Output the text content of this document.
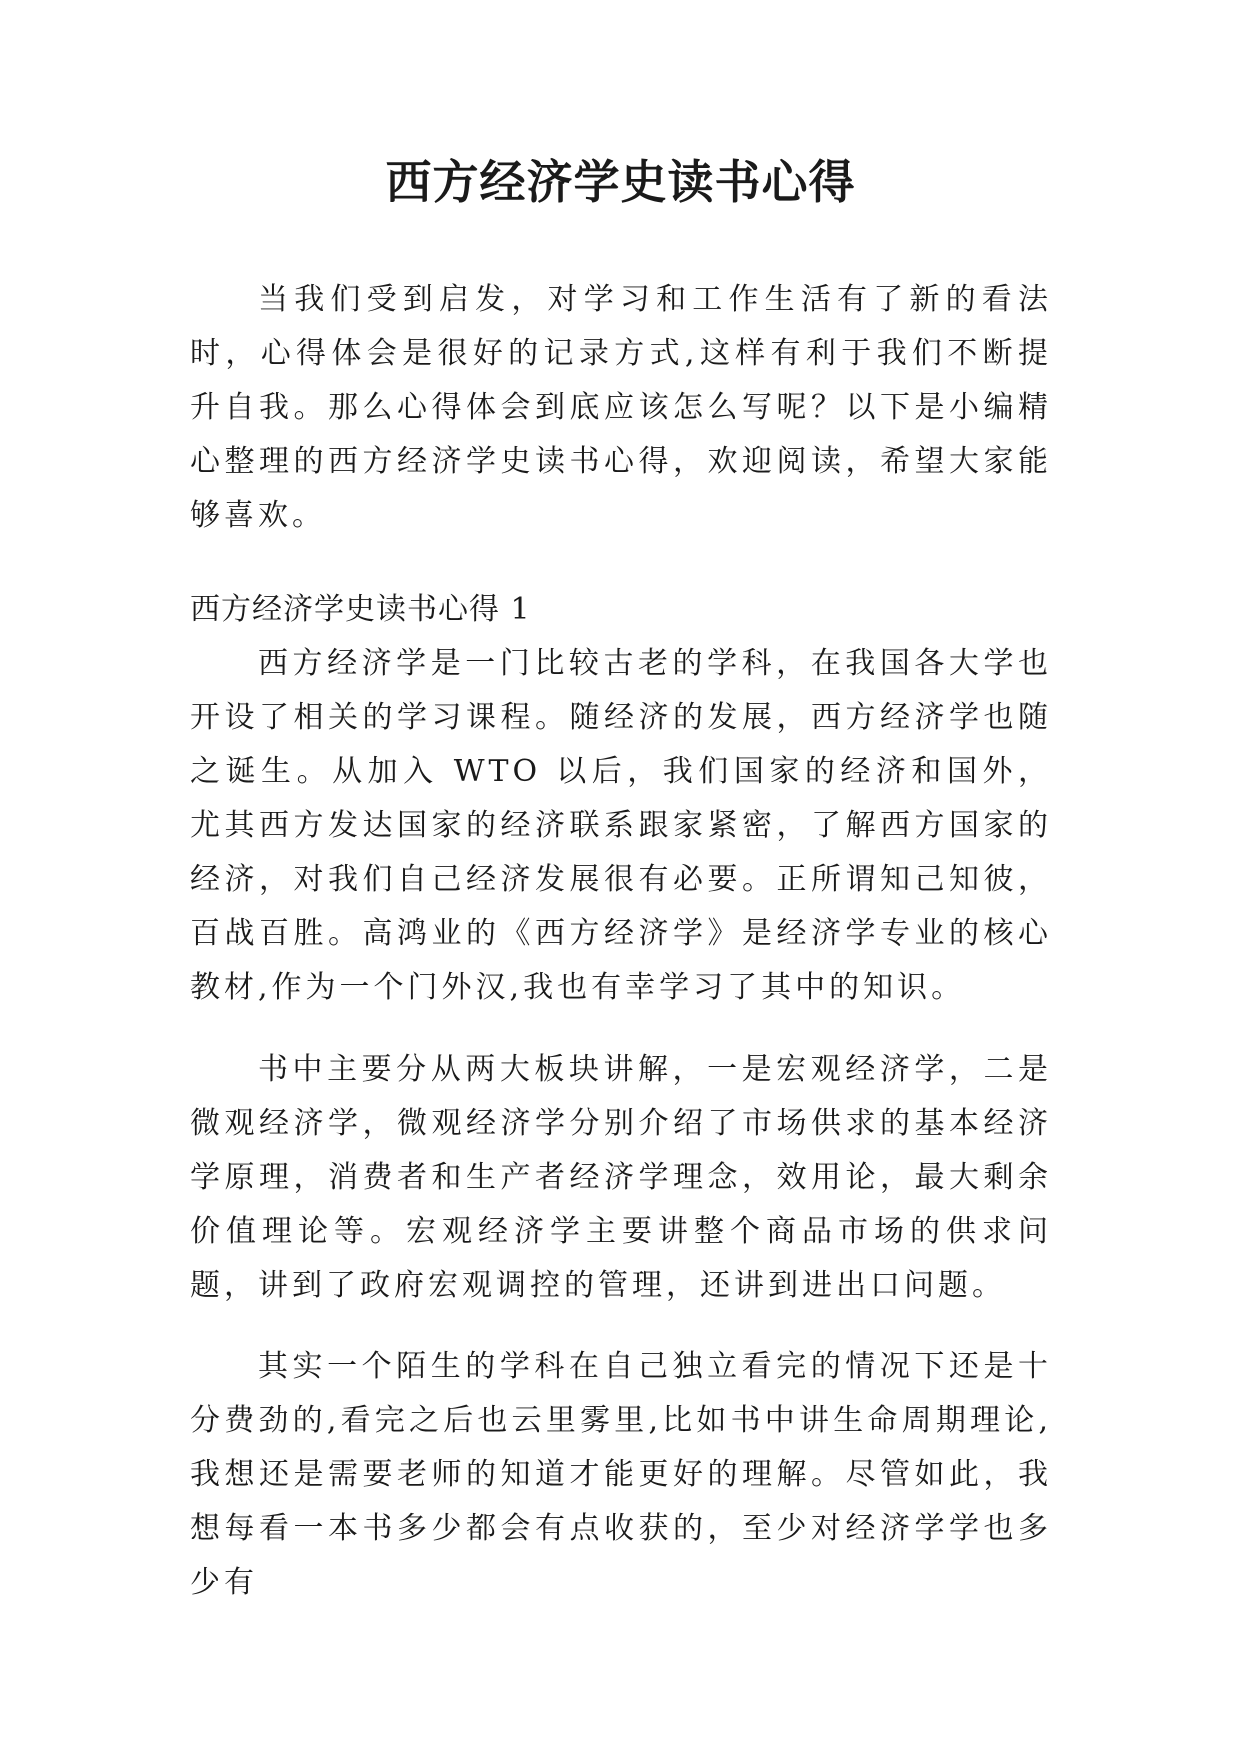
西方经济学史读书心得

当我们受到启发，对学习和工作生活有了新的看法时，心得体会是很好的记录方式,这样有利于我们不断提升自我。那么心得体会到底应该怎么写呢？以下是小编精心整理的西方经济学史读书心得，欢迎阅读，希望大家能够喜欢。

西方经济学史读书心得 1

西方经济学是一门比较古老的学科，在我国各大学也开设了相关的学习课程。随经济的发展，西方经济学也随之诞生。从加入 WTO 以后，我们国家的经济和国外，尤其西方发达国家的经济联系跟家紧密，了解西方国家的经济，对我们自己经济发展很有必要。正所谓知己知彼，百战百胜。高鸿业的《西方经济学》是经济学专业的核心教材,作为一个门外汉,我也有幸学习了其中的知识。

书中主要分从两大板块讲解，一是宏观经济学，二是微观经济学，微观经济学分别介绍了市场供求的基本经济学原理，消费者和生产者经济学理念，效用论，最大剩余价值理论等。宏观经济学主要讲整个商品市场的供求问题，讲到了政府宏观调控的管理，还讲到进出口问题。

其实一个陌生的学科在自己独立看完的情况下还是十分费劲的,看完之后也云里雾里,比如书中讲生命周期理论,我想还是需要老师的知道才能更好的理解。尽管如此，我想每看一本书多少都会有点收获的，至少对经济学学也多少有
